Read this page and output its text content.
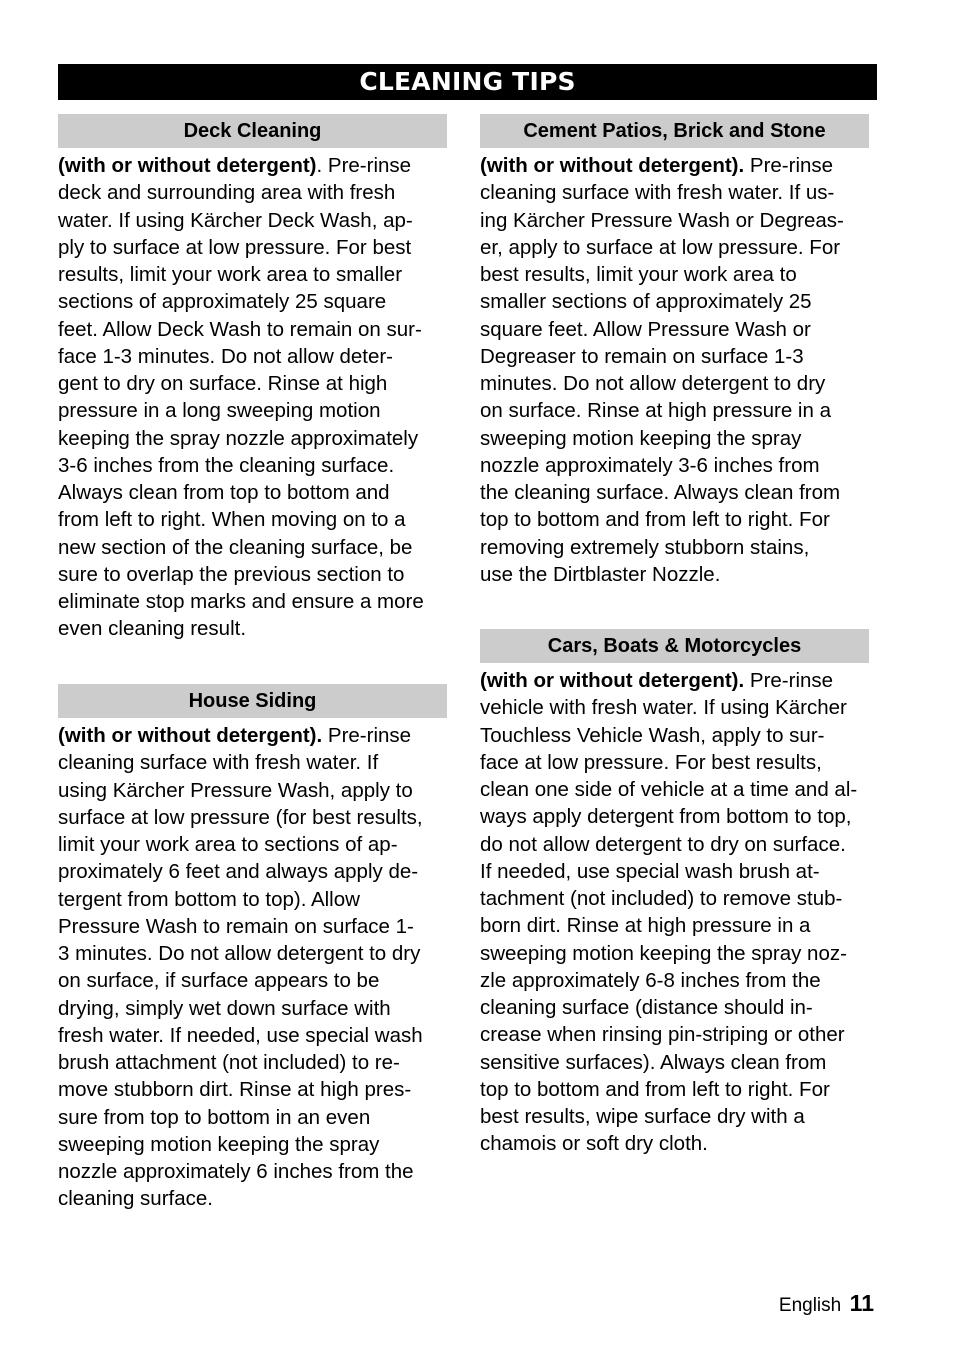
CLEANING TIPS
Deck Cleaning
(with or without detergent). Pre-rinse
deck and surrounding area with fresh
water. If using Kärcher Deck Wash, ap-
ply to surface at low pressure. For best
results, limit your work area to smaller
sections of approximately 25 square
feet. Allow Deck Wash to remain on sur-
face 1-3 minutes. Do not allow deter-
gent to dry on surface. Rinse at high
pressure in a long sweeping motion
keeping the spray nozzle approximately
3-6 inches from the cleaning surface.
Always clean from top to bottom and
from left to right. When moving on to a
new section of the cleaning surface, be
sure to overlap the previous section to
eliminate stop marks and ensure a more
even cleaning result.
House Siding
(with or without detergent). Pre-rinse
cleaning surface with fresh water. If
using Kärcher Pressure Wash, apply to
surface at low pressure (for best results,
limit your work area to sections of ap-
proximately 6 feet and always apply de-
tergent from bottom to top). Allow
Pressure Wash to remain on surface 1-
3 minutes. Do not allow detergent to dry
on surface, if surface appears to be
drying, simply wet down surface with
fresh water. If needed, use special wash
brush attachment (not included) to re-
move stubborn dirt. Rinse at high pres-
sure from top to bottom in an even
sweeping motion keeping the spray
nozzle approximately 6 inches from the
cleaning surface.
Cement Patios, Brick and Stone
(with or without detergent). Pre-rinse
cleaning surface with fresh water. If us-
ing Kärcher Pressure Wash or Degreas-
er, apply to surface at low pressure. For
best results, limit your work area to
smaller sections of approximately 25
square feet. Allow Pressure Wash or
Degreaser to remain on surface 1-3
minutes. Do not allow detergent to dry
on surface. Rinse at high pressure in a
sweeping motion keeping the spray
nozzle approximately 3-6 inches from
the cleaning surface. Always clean from
top to bottom and from left to right. For
removing extremely stubborn stains,
use the Dirtblaster Nozzle.
Cars, Boats & Motorcycles
(with or without detergent). Pre-rinse
vehicle with fresh water. If using Kärcher
Touchless Vehicle Wash, apply to sur-
face at low pressure. For best results,
clean one side of vehicle at a time and al-
ways apply detergent from bottom to top,
do not allow detergent to dry on surface.
If needed, use special wash brush at-
tachment (not included) to remove stub-
born dirt. Rinse at high pressure in a
sweeping motion keeping the spray noz-
zle approximately 6-8 inches from the
cleaning surface (distance should in-
crease when rinsing pin-striping or other
sensitive surfaces). Always clean from
top to bottom and from left to right. For
best results, wipe surface dry with a
chamois or soft dry cloth.
English 11
